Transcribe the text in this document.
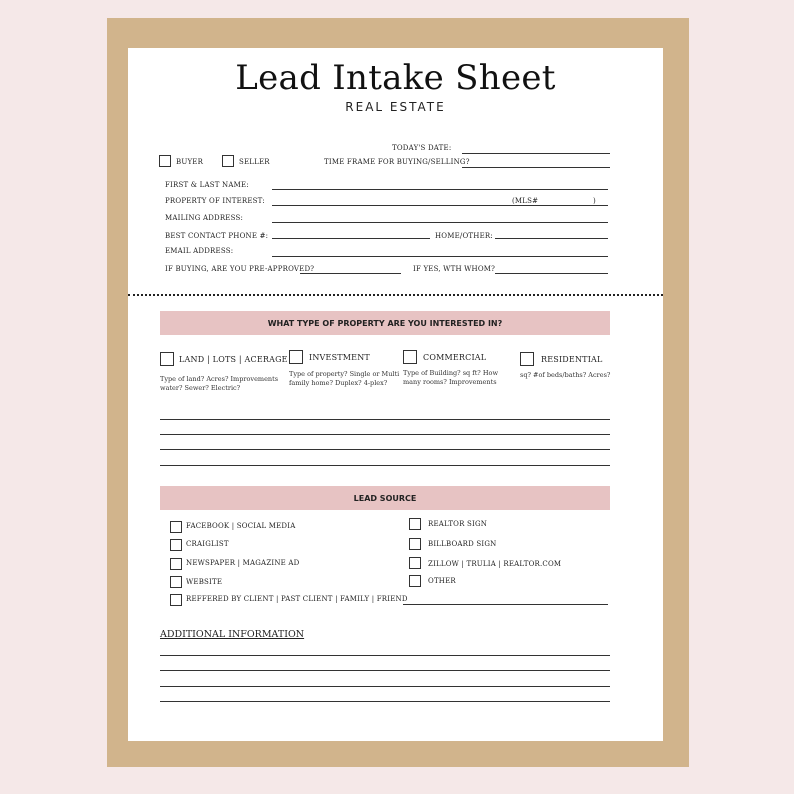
Lead Intake Sheet
REAL ESTATE
TODAY'S DATE:
BUYER	SELLER	TIME FRAME FOR BUYING/SELLING?
FIRST & LAST NAME:
PROPERTY OF INTEREST:	(MLS#	)
MAILING ADDRESS:
BEST CONTACT PHONE #:	HOME/OTHER:
EMAIL ADDRESS:
IF BUYING, ARE YOU PRE-APPROVED?	IF YES, WTH WHOM?
WHAT TYPE OF PROPERTY ARE YOU INTERESTED IN?
LAND | LOTS | ACERAGE
Type of land? Acres? Improvements water? Sewer? Electric?
INVESTMENT
Type of property? Single or Multi family home? Duplex? 4-plex?
COMMERCIAL
Type of Building? sq ft? How many rooms? Improvements
RESIDENTIAL
sq? #of beds/baths? Acres?
LEAD SOURCE
FACEBOOK | SOCIAL MEDIA
CRAIGLIST
NEWSPAPER | MAGAZINE AD
WEBSITE
REALTOR SIGN
BILLBOARD SIGN
ZILLOW | TRULIA | REALTOR.COM
OTHER
REFFERED BY CLIENT | PAST CLIENT | FAMILY | FRIEND
ADDITIONAL INFORMATION
